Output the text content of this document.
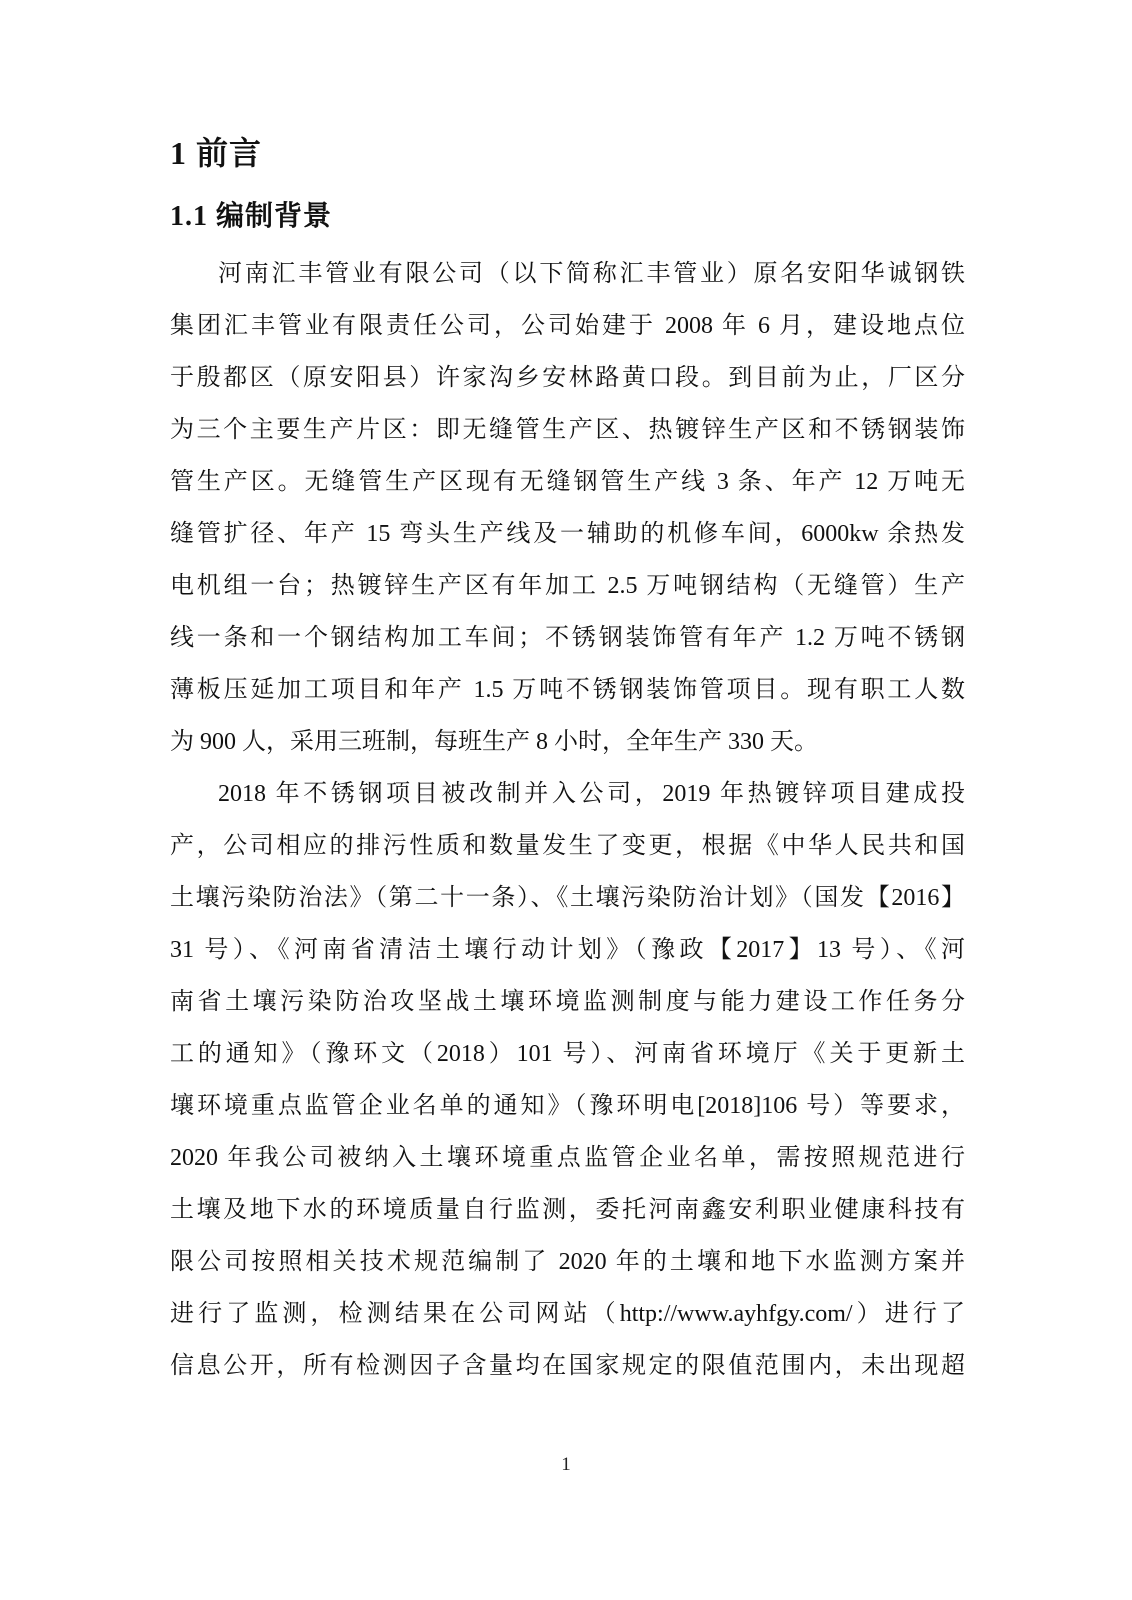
1 前言
1.1 编制背景
河南汇丰管业有限公司（以下简称汇丰管业）原名安阳华诚钢铁
集团汇丰管业有限责任公司，公司始建于 2008 年 6 月，建设地点位
于殷都区（原安阳县）许家沟乡安林路黄口段。到目前为止，厂区分
为三个主要生产片区：即无缝管生产区、热镀锌生产区和不锈钢装饰
管生产区。无缝管生产区现有无缝钢管生产线 3 条、年产 12 万吨无
缝管扩径、年产 15 弯头生产线及一辅助的机修车间，6000kw 余热发
电机组一台；热镀锌生产区有年加工 2.5 万吨钢结构（无缝管）生产
线一条和一个钢结构加工车间；不锈钢装饰管有年产 1.2 万吨不锈钢
薄板压延加工项目和年产 1.5 万吨不锈钢装饰管项目。现有职工人数
为 900 人，采用三班制，每班生产 8 小时，全年生产 330 天。
2018 年不锈钢项目被改制并入公司，2019 年热镀锌项目建成投
产，公司相应的排污性质和数量发生了变更，根据《中华人民共和国
土壤污染防治法》（第二十一条）、《土壤污染防治计划》（国发【2016】
31 号）、《河南省清洁土壤行动计划》（豫政【2017】13 号）、《河
南省土壤污染防治攻坚战土壤环境监测制度与能力建设工作任务分
工的通知》（豫环文（2018）101 号）、河南省环境厅《关于更新土
壤环境重点监管企业名单的通知》（豫环明电[2018]106 号）等要求，
2020 年我公司被纳入土壤环境重点监管企业名单，需按照规范进行
土壤及地下水的环境质量自行监测，委托河南鑫安利职业健康科技有
限公司按照相关技术规范编制了 2020 年的土壤和地下水监测方案并
进行了监测，检测结果在公司网站（http://www.ayhfgy.com/）进行了
信息公开，所有检测因子含量均在国家规定的限值范围内，未出现超
1
